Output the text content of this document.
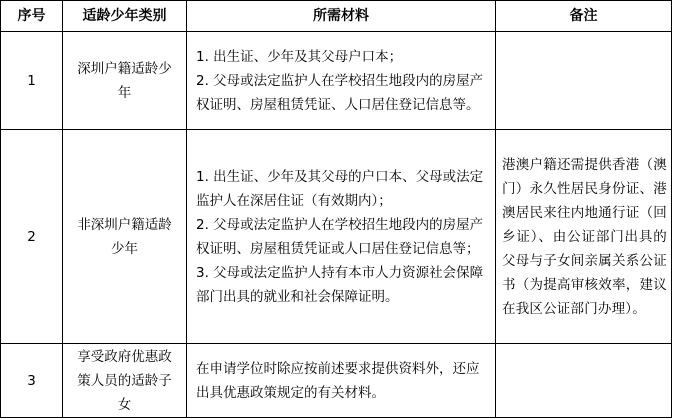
序号	适龄少年类别	所需材料	备注
1	深圳户籍适龄少年	1. 出生证、少年及其父母户口本；
2. 父母或法定监护人在学校招生地段内的房屋产权证明、房屋租赁凭证、人口居住登记信息等。	

2	非深圳户籍适龄少年	1. 出生证、少年及其父母的户口本、父母或法定监护人在深居住证（有效期内）；
2. 父母或法定监护人在学校招生地段内的房屋产权证明、房屋租赁凭证或人口居住登记信息等；
3. 父母或法定监护人持有本市人力资源社会保障部门出具的就业和社会保障证明。	港澳户籍还需提供香港（澳门）永久性居民身份证、港澳居民来往内地通行证（回乡证）、由公证部门出具的父母与子女间亲属关系公证书（为提高审核效率，建议在我区公证部门办理）。

3	享受政府优惠政策人员的适龄子女	在申请学位时除应按前述要求提供资料外，还应出具优惠政策规定的有关材料。	
